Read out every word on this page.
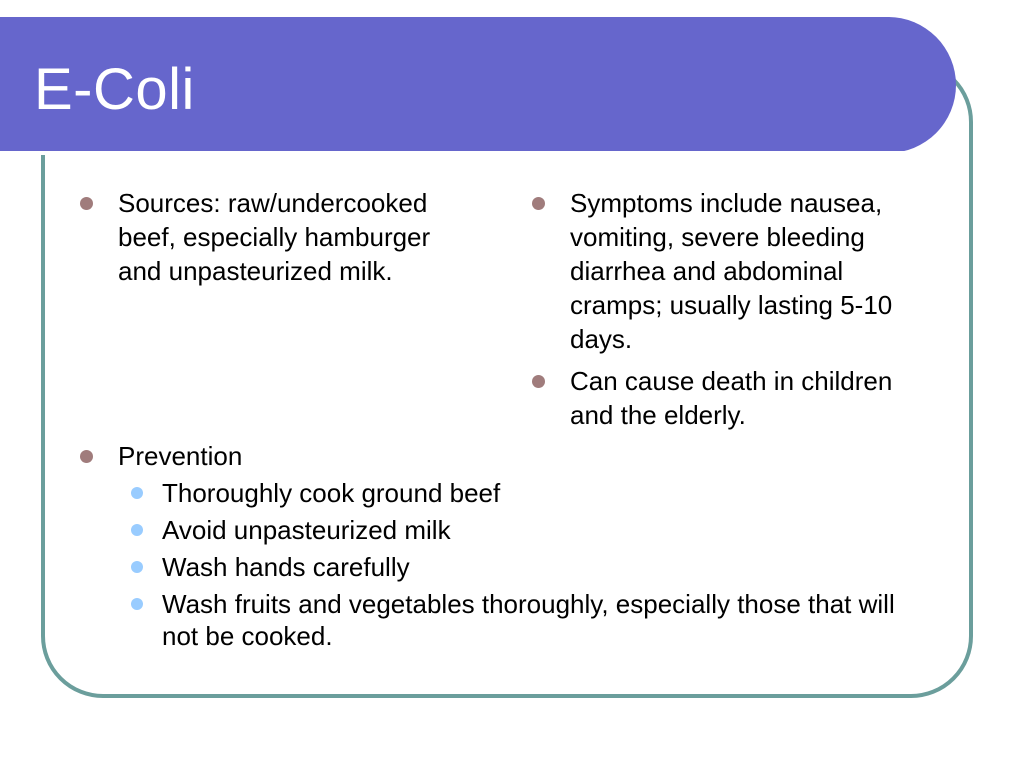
E-Coli
Sources: raw/undercooked beef, especially hamburger and unpasteurized milk.
Symptoms include nausea, vomiting, severe bleeding diarrhea and abdominal cramps; usually lasting 5-10 days.
Can cause death in children and the elderly.
Prevention
Thoroughly cook ground beef
Avoid unpasteurized milk
Wash hands carefully
Wash fruits and vegetables thoroughly, especially those that will not be cooked.
